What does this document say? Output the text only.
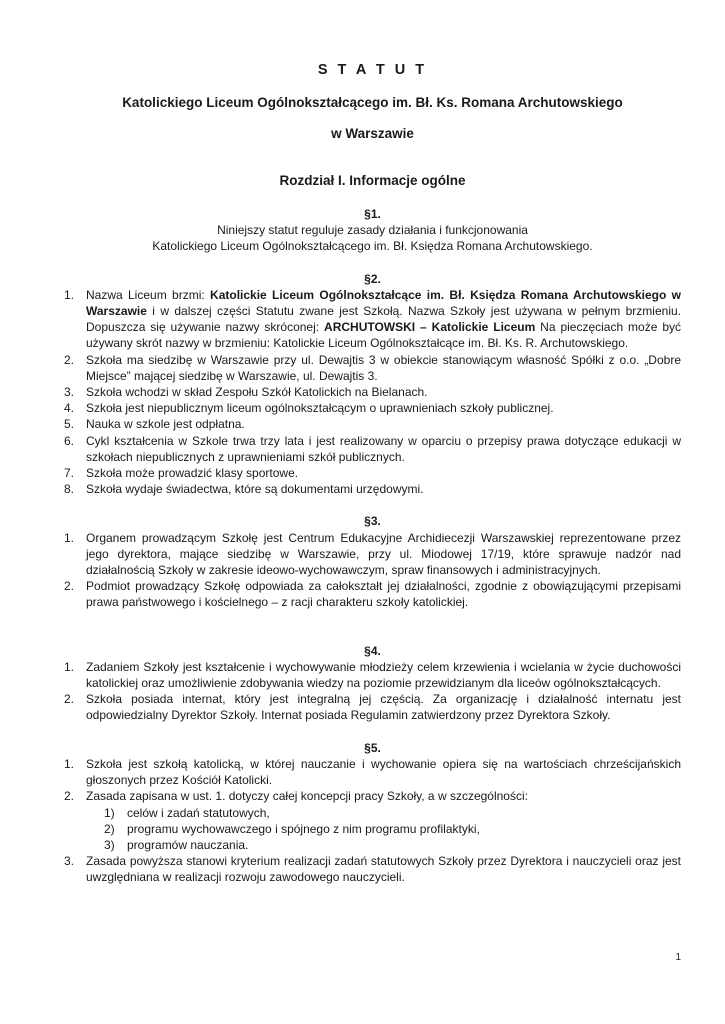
S T A T U T
Katolickiego Liceum Ogólnokształcącego im. Bł. Ks. Romana Archutowskiego
w Warszawie
Rozdział I. Informacje ogólne

§1.

Niniejszy statut reguluje zasady działania i funkcjonowania

Katolickiego Liceum Ogólnokształcącego im. Bł. Księdza Romana Archutowskiego.

§2.

1. Nazwa Liceum brzmi: Katolickie Liceum Ogólnokształcące im. Bł. Księdza Romana Archutowskiego w Warszawie i w dalszej części Statutu zwane jest Szkołą. Nazwa Szkoły jest używana w pełnym brzmieniu. Dopuszcza się używanie nazwy skróconej: ARCHUTOWSKI – Katolickie Liceum Na pieczęciach może być używany skrót nazwy w brzmieniu: Katolickie Liceum Ogólnokształcące im. Bł. Ks. R. Archutowskiego.
2. Szkoła ma siedzibę w Warszawie przy ul. Dewajtis 3 w obiekcie stanowiącym własność Spółki z o.o. „Dobre Miejsce” mającej siedzibę w Warszawie, ul. Dewajtis 3.
3. Szkoła wchodzi w skład Zespołu Szkół Katolickich na Bielanach.
4. Szkoła jest niepublicznym liceum ogólnokształcącym o uprawnieniach szkoły publicznej.
5. Nauka w szkole jest odpłatna.
6. Cykl kształcenia w Szkole trwa trzy lata i jest realizowany w oparciu o przepisy prawa dotyczące edukacji w szkołach niepublicznych z uprawnieniami szkół publicznych.
7. Szkoła może prowadzić klasy sportowe.
8. Szkoła wydaje świadectwa, które są dokumentami urzędowymi.

§3.

1. Organem prowadzącym Szkołę jest Centrum Edukacyjne Archidiecezji Warszawskiej reprezentowane przez jego dyrektora, mające siedzibę w Warszawie, przy ul. Miodowej 17/19, które sprawuje nadzór nad działalnością Szkoły w zakresie ideowo-wychowawczym, spraw finansowych i administracyjnych.
2. Podmiot prowadzący Szkołę odpowiada za całokształt jej działalności, zgodnie z obowiązującymi przepisami prawa państwowego i kościelnego – z racji charakteru szkoły katolickiej.

§4.

1. Zadaniem Szkoły jest kształcenie i wychowywanie młodzieży celem krzewienia i wcielania w życie duchowości katolickiej oraz umożliwienie zdobywania wiedzy na poziomie przewidzianym dla liceów ogólnokształcących.
2. Szkoła posiada internat, który jest integralną jej częścią. Za organizację i działalność internatu jest odpowiedzialny Dyrektor Szkoły. Internat posiada Regulamin zatwierdzony przez Dyrektora Szkoły.

§5.

1. Szkoła jest szkołą katolicką, w której nauczanie i wychowanie opiera się na wartościach chrześcijańskich głoszonych przez Kościół Katolicki.
2. Zasada zapisana w ust. 1. dotyczy całej koncepcji pracy Szkoły, a w szczególności:
1) celów i zadań statutowych,
2) programu wychowawczego i spójnego z nim programu profilaktyki,
3) programów nauczania.
3. Zasada powyższa stanowi kryterium realizacji zadań statutowych Szkoły przez Dyrektora i nauczycieli oraz jest uwzględniana w realizacji rozwoju zawodowego nauczycieli.
1
